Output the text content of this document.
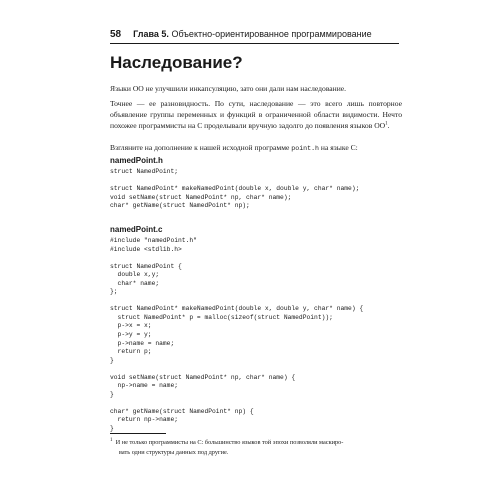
58 Глава 5. Объектно-ориентированное программирование
Наследование?

Языки ОО не улучшили инкапсуляцию, зато они дали нам наследование.

Точнее — ее разновидность. По сути, наследование — это всего лишь повторное объявление группы переменных и функций в ограниченной области видимости. Нечто похожее программисты на С проделывали вручную задолго до появления языков $ОО^1$.

Взгляните на дополнение к нашей исходной программе point.h на языке С:

namedPoint.h
struct NamedPoint;

struct NamedPoint* makeNamedPoint(double x, double y, char* name);
void setName(struct NamedPoint* np, char* name);
char* getName(struct NamedPoint* np);
namedPoint.c
#include "namedPoint.h"
#include <stdlib.h>

struct NamedPoint {
double x,y;
char* name;
};

struct NamedPoint* makeNamedPoint(double x, double y, char* name) {
struct NamedPoint* p = malloc(sizeof(struct NamedPoint));
p->x = x;
p->y = y;
p->name = name;
return p;
}

void setName(struct NamedPoint* np, char* name) {
np->name = name;
}

char* getName(struct NamedPoint* np) {
return np->name;
}

$^1$ И не только программисты на С: большинство языков той эпохи позволяли маскиро-
вать одни структуры данных под другие.
